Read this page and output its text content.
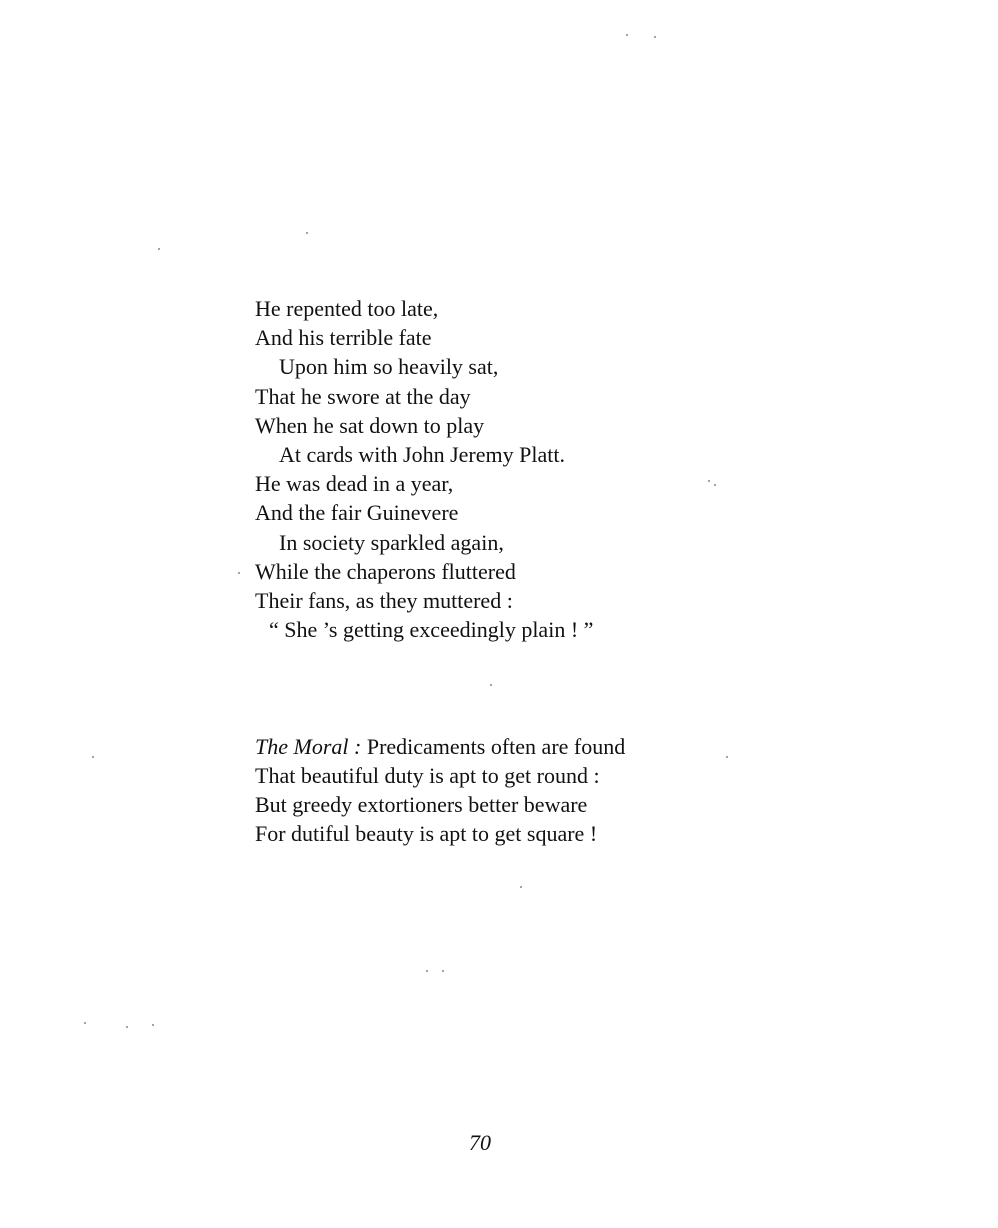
He repented too late,
And his terrible fate
Upon him so heavily sat,
That he swore at the day
When he sat down to play
At cards with John Jeremy Platt.
He was dead in a year,
And the fair Guinevere
In society sparkled again,
While the chaperons fluttered
Their fans, as they muttered :
“ She ’s getting exceedingly plain ! ”
The Moral : Predicaments often are found
That beautiful duty is apt to get round :
But greedy extortioners better beware
For dutiful beauty is apt to get square !
70
